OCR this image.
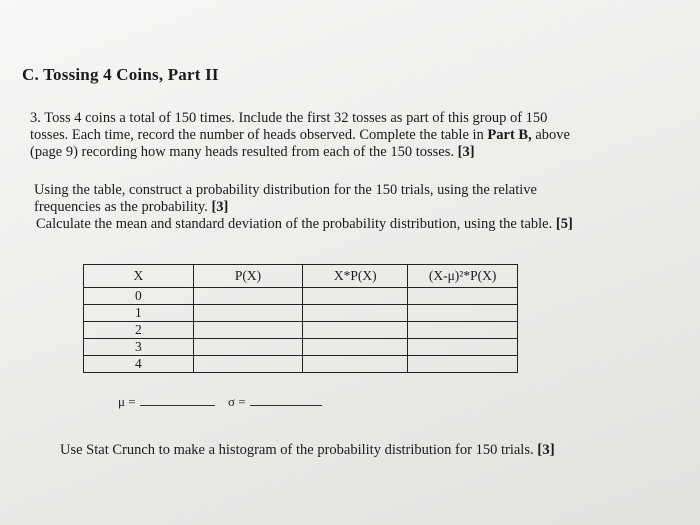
C. Tossing 4 Coins, Part II
3. Toss 4 coins a total of 150 times. Include the first 32 tosses as part of this group of 150
tosses. Each time, record the number of heads observed. Complete the table in Part B, above
(page 9) recording how many heads resulted from each of the 150 tosses. [3]
Using the table, construct a probability distribution for the 150 trials, using the relative
frequencies as the probability. [3]
Calculate the mean and standard deviation of the probability distribution, using the table. [5]
X	P(X)	X*P(X)	(X-μ)²*P(X)
0			
1			
2			
3			
4			
μ =	σ =
Use Stat Crunch to make a histogram of the probability distribution for 150 trials. [3]
